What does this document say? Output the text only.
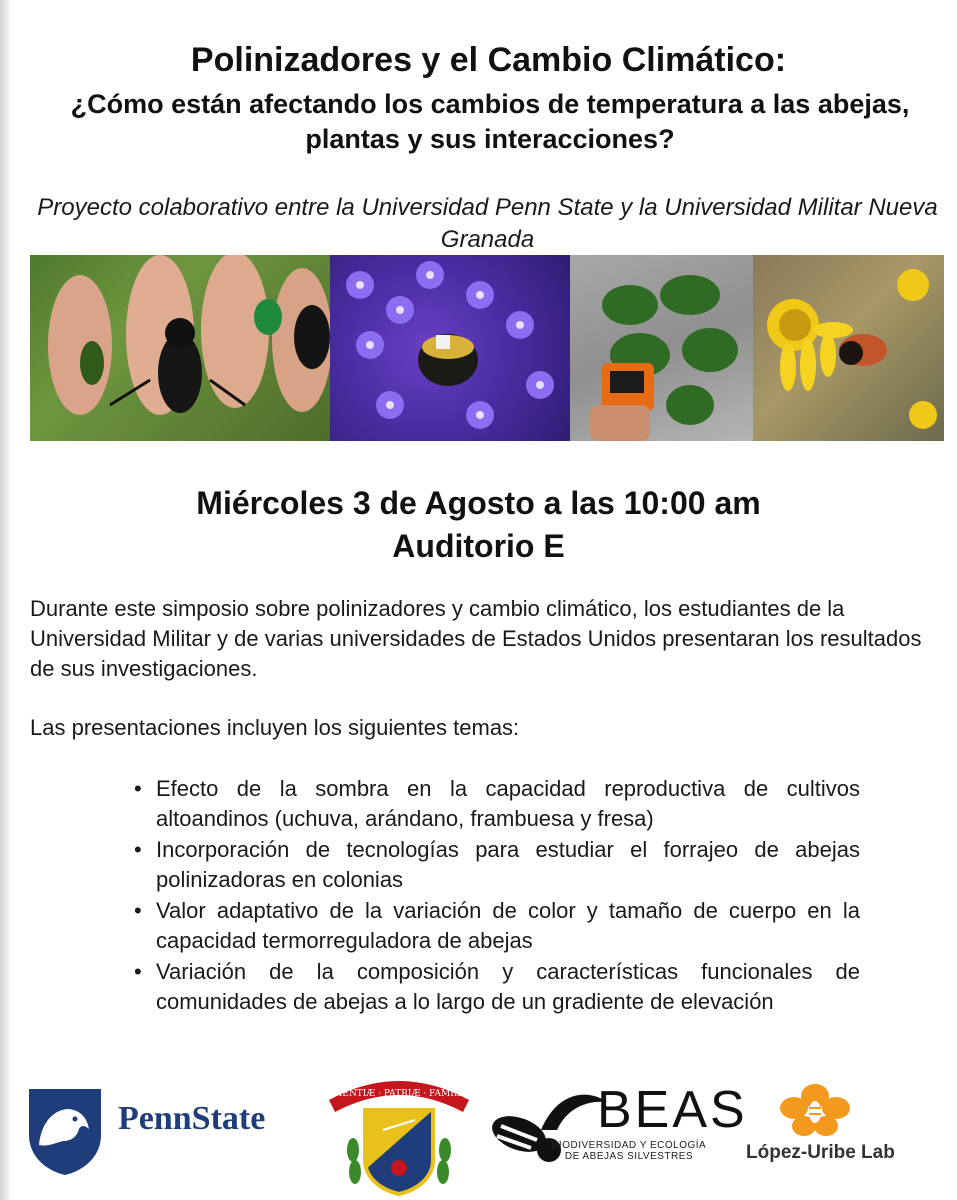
Polinizadores y el Cambio Climático:
¿Cómo están afectando los cambios de temperatura a las abejas, plantas y sus interacciones?
Proyecto colaborativo entre la Universidad Penn State y la Universidad Militar Nueva Granada
Miércoles 3 de Agosto a las 10:00 am
Auditorio E
Durante este simposio sobre polinizadores y cambio climático, los estudiantes de la Universidad Militar y de varias universidades de Estados Unidos presentaran los resultados de sus investigaciones.
Las presentaciones incluyen los siguientes temas:
• Efecto de la sombra en la capacidad reproductiva de cultivos altoandinos (uchuva, arándano, frambuesa y fresa)
• Incorporación de tecnologías para estudiar el forrajeo de abejas polinizadoras en colonias
• Valor adaptativo de la variación de color y tamaño de cuerpo en la capacidad termorreguladora de abejas
• Variación de la composición y características funcionales de comunidades de abejas a lo largo de un gradiente de elevación
PennState
SCIENTIÆ · PATRIÆ · FAMILIÆ BEAS
BIODIVERSIDAD Y ECOLOGÍA DE ABEJAS SILVESTRES	López-Uribe Lab
